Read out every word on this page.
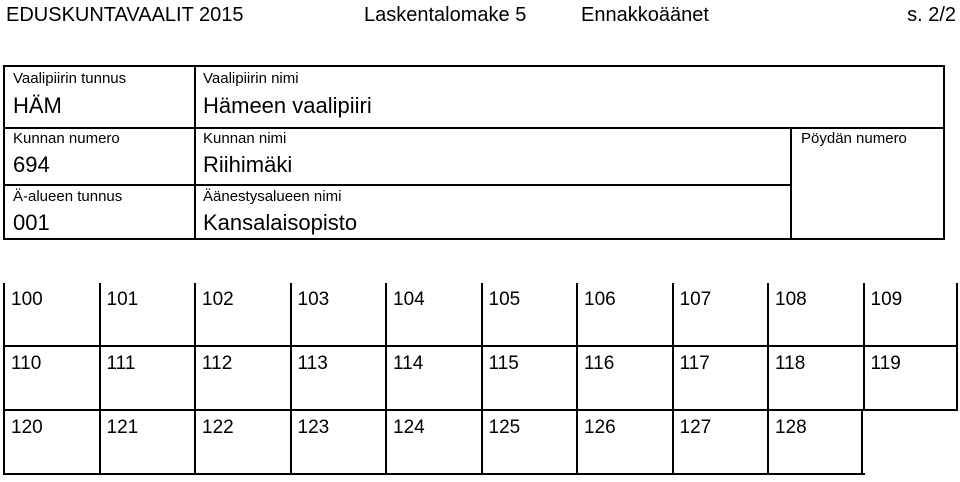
EDUSKUNTAVAALIT 2015	Laskentalomake 5	Ennakkoäänet	s. 2/2
Vaalipiirin tunnus
HÄM
Vaalipiirin nimi
Hämeen vaalipiiri
Kunnan numero
694
Kunnan nimi
Riihimäki
Pöydän numero
Ä-alueen tunnus
001
Äänestysalueen nimi
Kansalaisopisto
100	101	102	103	104	105	106	107	108	109
110	111	112	113	114	115	116	117	118	119
120	121	122	123	124	125	126	127	128
